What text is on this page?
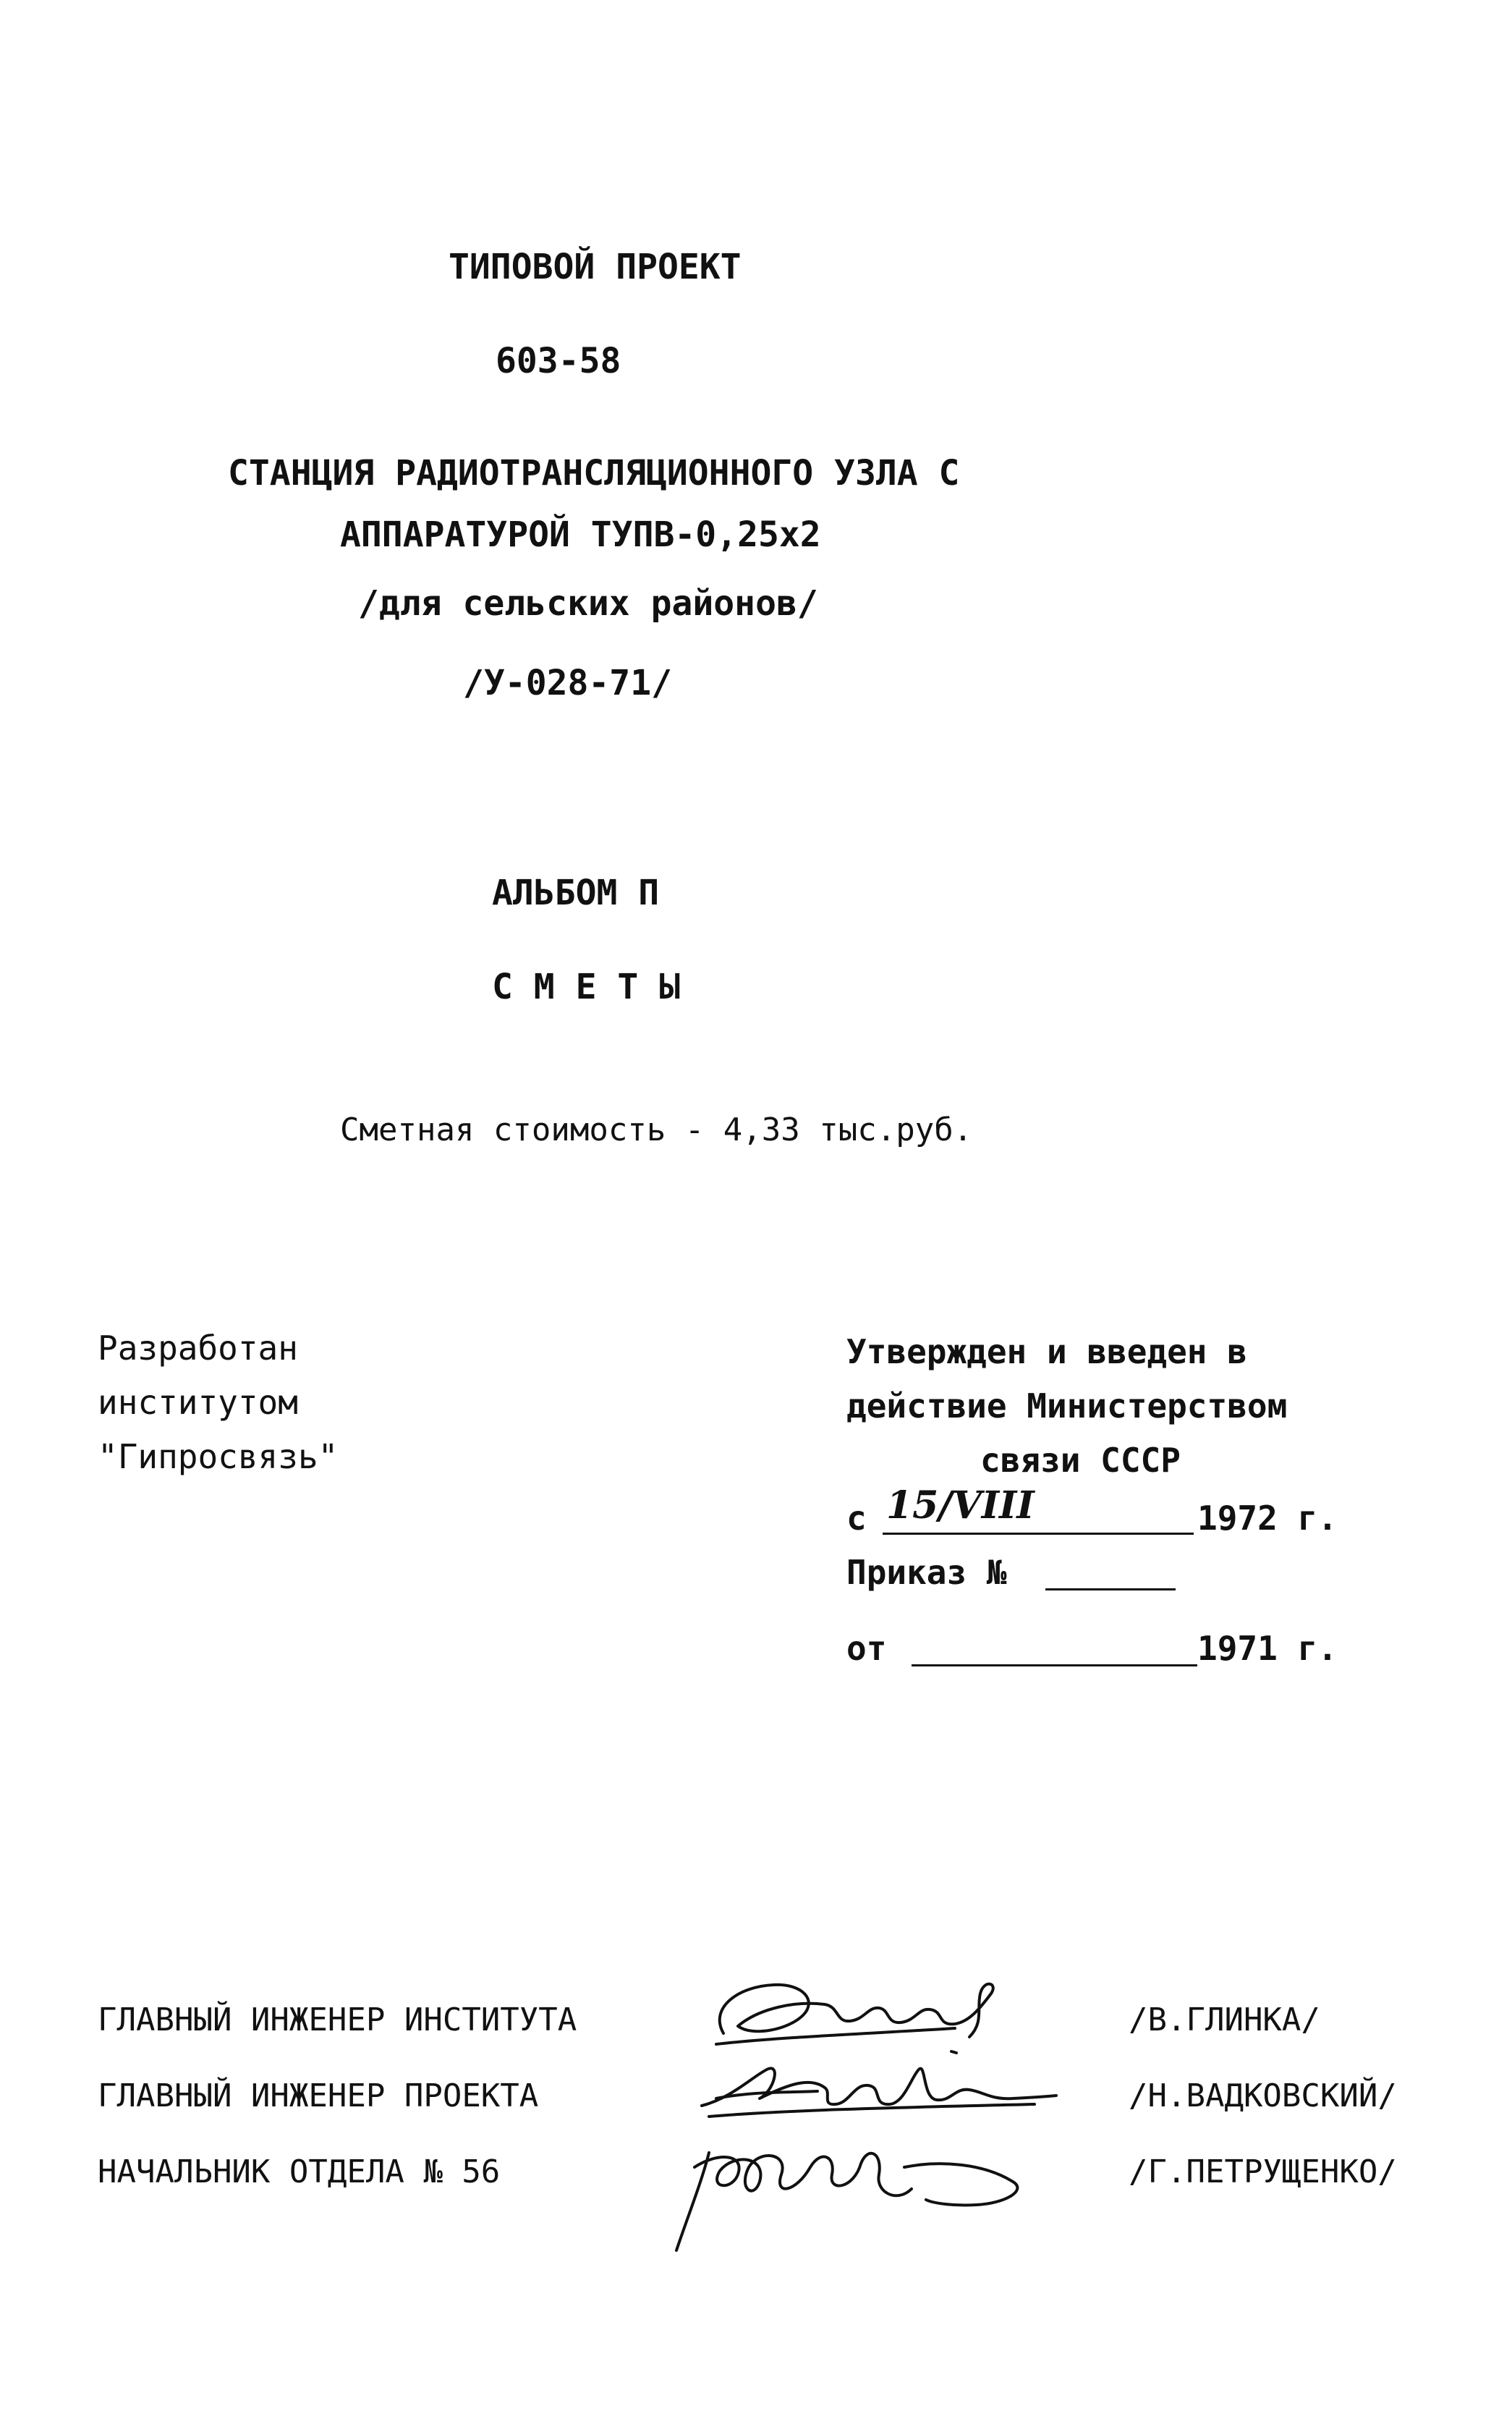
ТИПОВОЙ ПРОЕКТ
603-58
СТАНЦИЯ РАДИОТРАНСЛЯЦИОННОГО УЗЛА С
АППАРАТУРОЙ ТУПВ-0,25х2
/для сельских районов/
/У-028-71/
АЛЬБОМ П
С М Е Т Ы
Сметная стоимость - 4,33 тыс.руб.
Разработан
институтом
"Гипросвязь"
Утвержден и введен в
действие Министерством
связи СССР
с 15/VIII	1972 г.
Приказ №
от	1971 г.
ГЛАВНЫЙ ИНЖЕНЕР ИНСТИТУТА
ГЛАВНЫЙ ИНЖЕНЕР ПРОЕКТА
НАЧАЛЬНИК ОТДЕЛА № 56
/В.ГЛИНКА/
/Н.ВАДКОВСКИЙ/
/Г.ПЕТРУЩЕНКО/
